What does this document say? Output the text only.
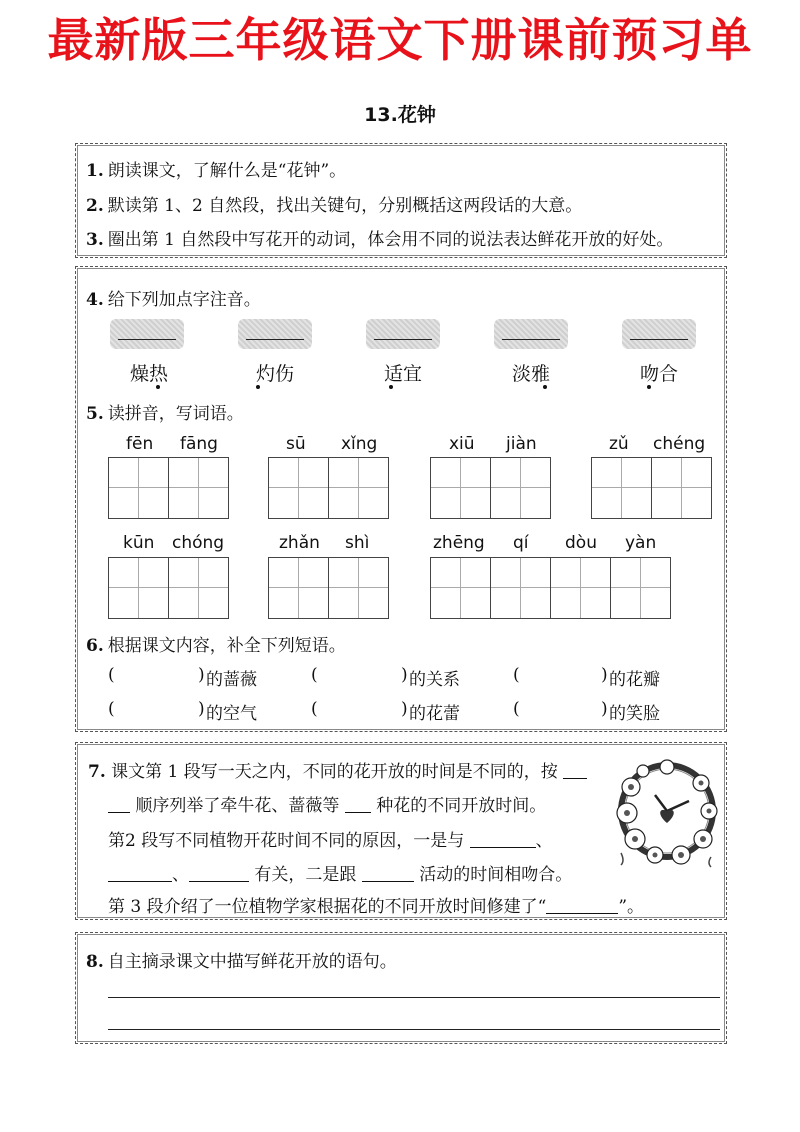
最新版三年级语文下册课前预习单
13.花钟
1. 朗读课文，了解什么是“花钟”。
2. 默读第 1、2 自然段，找出关键句，分别概括这两段话的大意。
3. 圈出第 1 自然段中写花开的动词，体会用不同的说法表达鲜花开放的好处。
4. 给下列加点字注音。
燥热	灼伤	适宜	淡雅	吻合
5. 读拼音，写词语。
fēn fāng	sū xǐng	xiū jiàn	zǔ chéng
kūn chóng	zhǎn shì	zhēng qí dòu yàn
6. 根据课文内容，补全下列短语。
(	) 的蔷薇	(	) 的关系	(	) 的花瓣
(	) 的空气	(	) 的花蕾	(	) 的笑脸
7. 课文第 1 段写一天之内，不同的花开放的时间是不同的，按
顺序列举了牵牛花、蔷薇等 种花的不同开放时间。
第2 段写不同植物开花时间不同的原因，一是与	、
、	有关，二是跟	活动的时间相吻合。
第 3 段介绍了一位植物学家根据花的不同开放时间修建了“	”。
8. 自主摘录课文中描写鲜花开放的语句。
